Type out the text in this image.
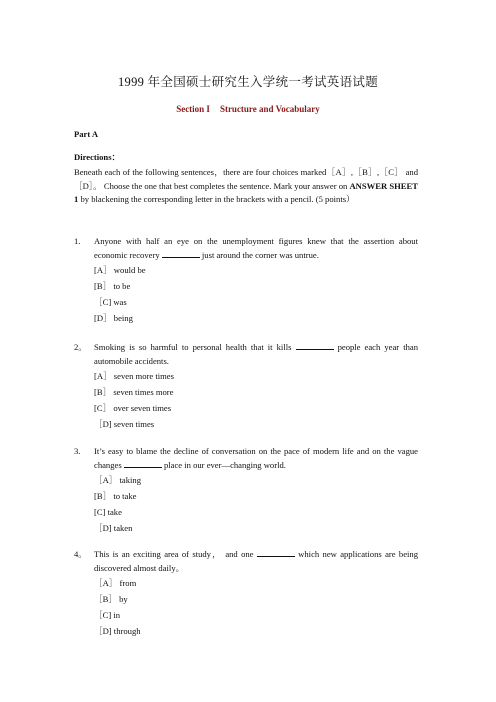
1999 年全国硕士研究生入学统一考试英语试题
Section I Structure and Vocabulary
Part A
Directions：
Beneath each of the following sentences，there are four choices marked［A］,［B］,［C］ and［D］。 Choose the one that best completes the sentence. Mark your answer on ANSWER SHEET 1 by blackening the corresponding letter in the brackets with a pencil. (5 points）
1. Anyone with half an eye on the unemployment figures knew that the assertion about economic recovery	just around the corner was untrue.
[A］ would be
[B］ to be
［C] was
[D］ being
2。 Smoking is so harmful to personal health that it kills	people each year than automobile accidents.
[A］ seven more times
[B］ seven times more
[C］ over seven times
［D] seven times
3. It’s easy to blame the decline of conversation on the pace of modern life and on the vague changes	place in our ever—changing world.
［A］ taking
[B］ to take
[C] take
［D] taken
4。 This is an exciting area of study， and one	which new applications are being discovered almost daily。
［A］ from
［B］ by
［C] in
［D] through
